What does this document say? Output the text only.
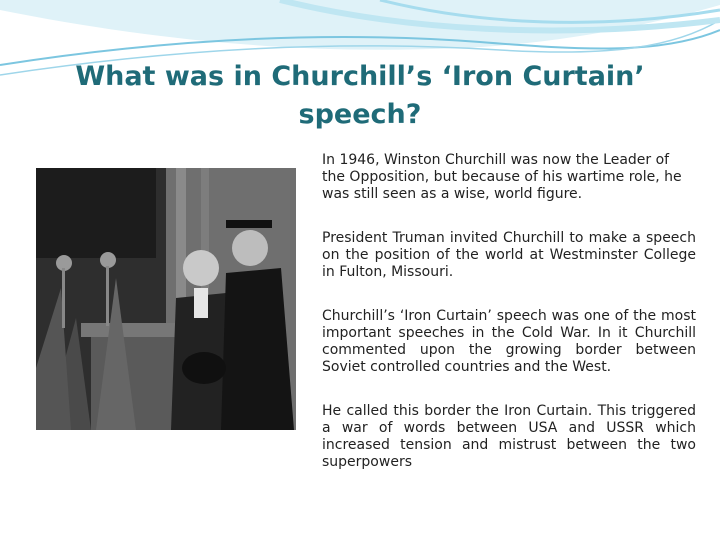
What was in Churchill’s ‘Iron Curtain’
speech?

In 1946, Winston Churchill was now the Leader of the Opposition, but because of his wartime role, he was still seen as a wise, world figure.

President Truman invited Churchill to make a speech on the position of the world at Westminster College in Fulton, Missouri.

Churchill’s ‘Iron Curtain’ speech was one of the most important speeches in the Cold War. In it Churchill commented upon the growing border between Soviet controlled countries and the West.

He called this border the Iron Curtain. This triggered a war of words between USA and USSR which increased tension and mistrust between the two superpowers
